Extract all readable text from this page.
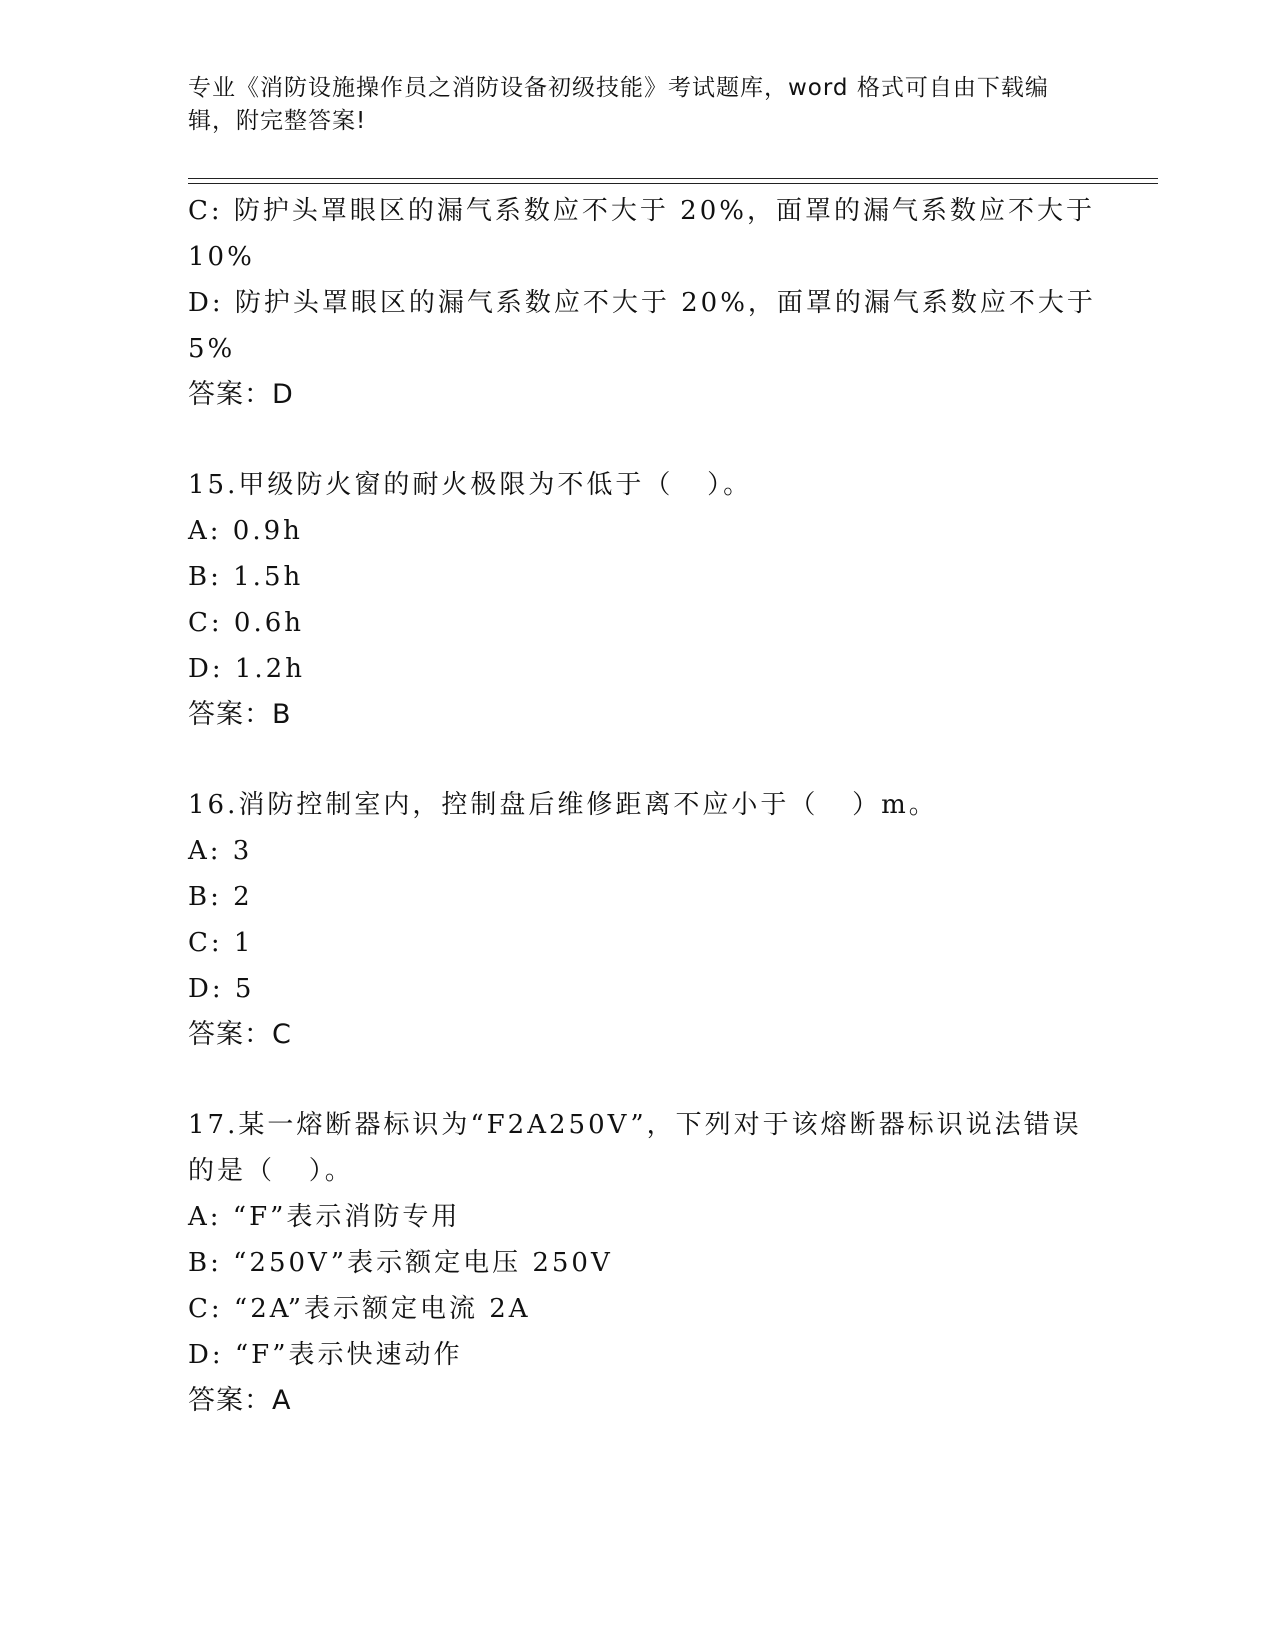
专业《消防设施操作员之消防设备初级技能》考试题库，word 格式可自由下载编
辑，附完整答案!

C: 防护头罩眼区的漏气系数应不大于 20%，面罩的漏气系数应不大于

10%

D: 防护头罩眼区的漏气系数应不大于 20%，面罩的漏气系数应不大于

5%

答案：D

15.甲级防火窗的耐火极限为不低于（   ）。

A: 0.9h

B: 1.5h

C: 0.6h

D: 1.2h

答案：B

16.消防控制室内，控制盘后维修距离不应小于（   ）m。

A: 3

B: 2

C: 1

D: 5

答案：C

17.某一熔断器标识为“F2A250V”，下列对于该熔断器标识说法错误

的是（   ）。

A: “F”表示消防专用

B: “250V”表示额定电压 250V

C: “2A”表示额定电流 2A

D: “F”表示快速动作

答案：A
